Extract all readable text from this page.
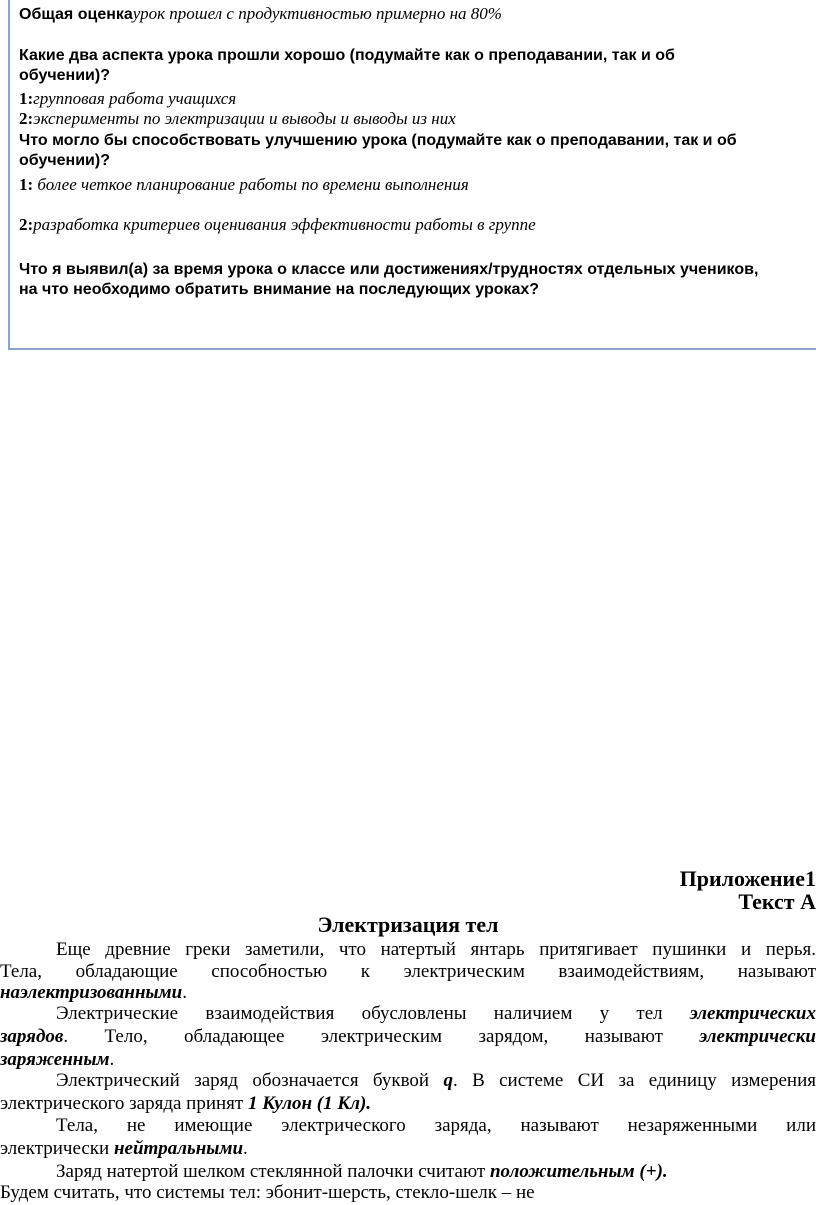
Общая оценкаурок прошел с продуктивностью примерно на 80%

Какие два аспекта урока прошли хорошо (подумайте как о преподавании, так и об

обучении)?

1:групповая работа учащихся

2:эксперименты по электризации и выводы и выводы из них

Что могло бы способствовать улучшению урока (подумайте как о преподавании, так и об

обучении)?

1: более четкое планирование работы по времени выполнения

2:разработка критериев оценивания эффективности работы в группе

Что я выявил(а) за время урока о классе или достижениях/трудностях отдельных учеников,

на что необходимо обратить внимание на последующих уроках?

Приложение1

Текст А

Электризация тел

Еще древние греки заметили, что натертый янтарь притягивает пушинки и перья.

Тела, обладающие способностью к электрическим взаимодействиям, называют

наэлектризованными.

Электрические взаимодействия обусловлены наличием у тел электрических

зарядов. Тело, обладающее электрическим зарядом, называют электрически

заряженным.

Электрический заряд обозначается буквой q. В системе СИ за единицу измерения

электрического заряда принят 1 Кулон (1 Кл).

Тела, не имеющие электрического заряда, называют незаряженными или

электрически нейтральными.

Заряд натертой шелком стеклянной палочки считают положительным (+).

Будем считать, что системы тел: эбонит-шерсть, стекло-шелк – не
